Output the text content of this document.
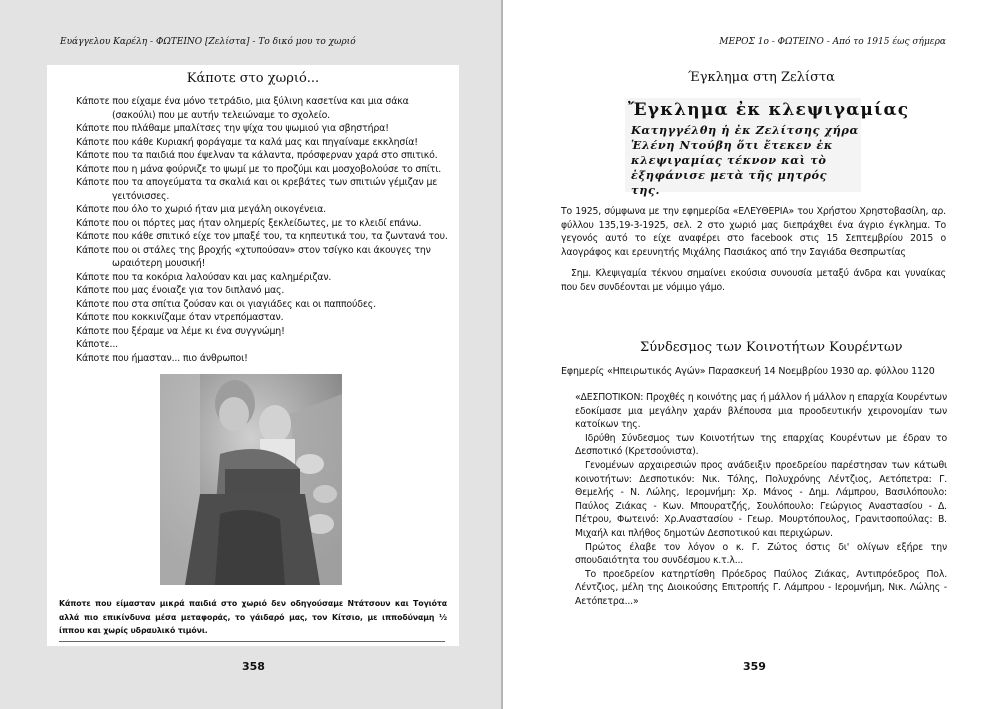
Ευάγγελου Καρέλη - ΦΩΤΕΙΝΟ [Ζελίστα] - Το δικό μου το χωριό
Κάποτε στο χωριό...
Κάποτε που είχαμε ένα μόνο τετράδιο, μια ξύλινη κασετίνα και μια σάκα (σακούλι) που με αυτήν τελειώναμε το σχολείο.
Κάποτε που πλάθαμε μπαλίτσες την ψίχα του ψωμιού για σβηστήρα!
Κάποτε που κάθε Κυριακή φοράγαμε τα καλά μας και πηγαίναμε εκκλησία!
Κάποτε που τα παιδιά που έψελναν τα κάλαντα, πρόσφερναν χαρά στο σπιτικό.
Κάποτε που η μάνα φούρνιζε το ψωμί με το προζύμι και μοσχοβολούσε το σπίτι.
Κάποτε που τα απογεύματα τα σκαλιά και οι κρεβάτες των σπιτιών γέμιζαν με γειτόνισσες.
Κάποτε που όλο το χωριό ήταν μια μεγάλη οικογένεια.
Κάποτε που οι πόρτες μας ήταν ολημερίς ξεκλείδωτες, με το κλειδί επάνω.
Κάποτε που κάθε σπιτικό είχε τον μπαξέ του, τα κηπευτικά του, τα ζωντανά του.
Κάποτε που οι στάλες της βροχής «χτυπούσαν» στον τσίγκο και άκουγες την ωραιότερη μουσική!
Κάποτε που τα κοκόρια λαλούσαν και μας καλημέριζαν.
Κάποτε που μας ένοιαζε για τον διπλανό μας.
Κάποτε που στα σπίτια ζούσαν και οι γιαγιάδες και οι παππούδες.
Κάποτε που κοκκινίζαμε όταν ντρεπόμασταν.
Κάποτε που ξέραμε να λέμε κι ένα συγγνώμη!
Κάποτε...
Κάποτε που ήμασταν... πιο άνθρωποι!
Κάποτε που είμασταν μικρά παιδιά στο χωριό δεν οδηγούσαμε Ντάτσουν και Τογιότα αλλά πιο επικίνδυνα μέσα μεταφοράς, το γάιδαρό μας, τον Κίτσιο, με ιπποδύναμη ½ ίππου και χωρίς υδραυλικό τιμόνι.
358
ΜΕΡΟΣ 1ο - ΦΩΤΕΙΝΟ - Από το 1915 έως σήμερα
Έγκλημα στη Ζελίστα
Ἔγκλημα ἐκ κλεψιγαμίας
Κατηγγέλθη ἡ ἐκ Ζελίτσης χήρα Ἑλένη Ντούβη ὅτι ἔτεκεν ἐκ κλεψιγαμίας τέκνον καὶ τὸ ἐξηφάνισε μετὰ τῆς μητρός της.

Το 1925, σύμφωνα με την εφημερίδα «ΕΛΕΥΘΕΡΙΑ» του Χρήστου Χρηστοβασίλη, αρ. φύλλου 135,19-3-1925, σελ. 2 στο χωριό μας διεπράχθει ένα άγριο έγκλημα. Το γεγονός αυτό το είχε αναφέρει στο facebook στις 15 Σεπτεμβρίου 2015 ο λαογράφος και ερευνητής Μιχάλης Πασιάκος από την Σαγιάδα Θεσπρωτίας

Σημ. Κλεψιγαμία τέκνου σημαίνει εκούσια συνουσία μεταξύ άνδρα και γυναίκας που δεν συνδέονται με νόμιμο γάμο.

Σύνδεσμος των Κοινοτήτων Κουρέντων

Εφημερίς «Ηπειρωτικός Αγών» Παρασκευή 14 Νοεμβρίου 1930 αρ. φύλλου 1120

«ΔΕΣΠΟΤΙΚΟΝ: Προχθές η κοινότης μας ή μάλλον ή μάλλον η επαρχία Κουρέντων εδοκίμασε μια μεγάλην χαράν βλέπουσα μια προοδευτικήν χειρονομίαν των κατοίκων της.

Ιδρύθη Σύνδεσμος των Κοινοτήτων της επαρχίας Κουρέντων με έδραν το Δεσποτικό (Κρετσούνιστα).

Γενομένων αρχαιρεσιών προς ανάδειξιν προεδρείου παρέστησαν των κάτωθι κοινοτήτων: Δεσποτικόν: Νικ. Τόλης, Πολυχρόνης Λέντζιος, Αετόπετρα: Γ. Θεμελής - Ν. Λώλης, Ιερομνήμη: Χρ. Μάνος - Δημ. Λάμπρου, Βασιλόπουλο: Παύλος Ζιάκας - Κων. Μπουρατζής, Σουλόπουλο: Γεώργιος Αναστασίου - Δ. Πέτρου, Φωτεινό: Χρ.Αναστασίου - Γεωρ. Μουρτόπουλος, Γρανιτσοπούλας: Β. Μιχαήλ και πλήθος δημοτών Δεσποτικού και περιχώρων.

Πρώτος έλαβε τον λόγον ο κ. Γ. Ζώτος όστις δι' ολίγων εξήρε την σπουδαιότητα του συνδέσμου κ.τ.λ...

Το προεδρείον κατηρτίσθη Πρόεδρος Παύλος Ζιάκας, Αντιπρόεδρος Πολ. Λέντζιος, μέλη της Διοικούσης Επιτροπής Γ. Λάμπρου - Ιερομνήμη, Νικ. Λώλης - Αετόπετρα...»

359
